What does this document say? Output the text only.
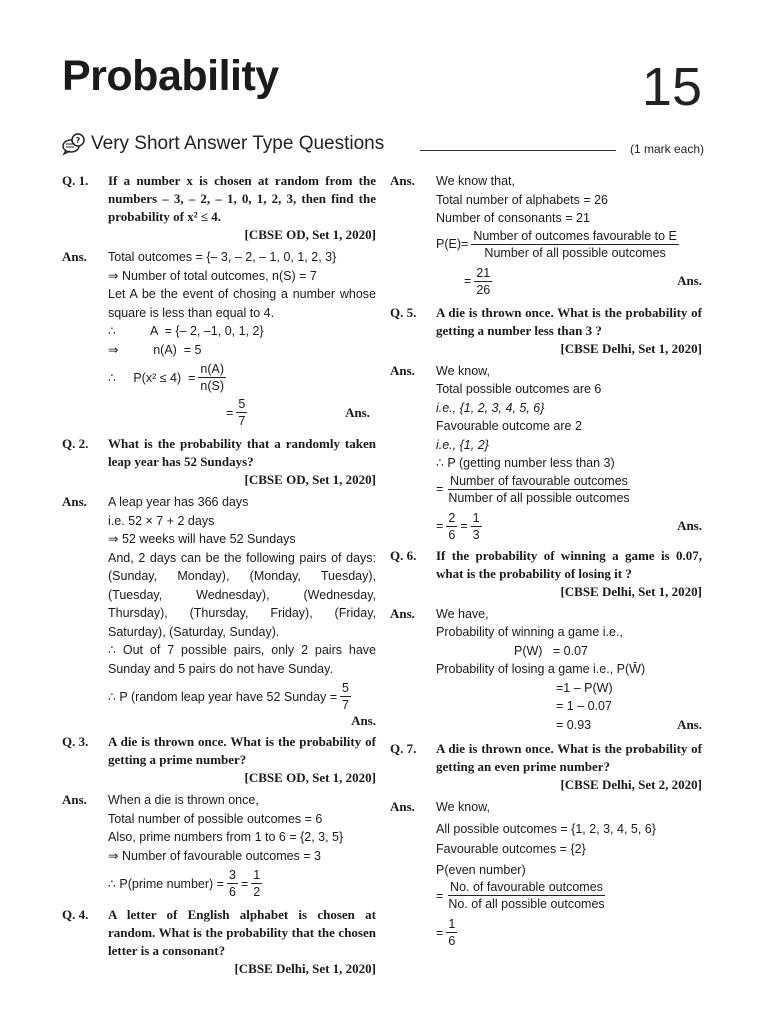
Probability	15
? Very Short Answer Type Questions	(1 mark each)
Q. 1.	If a number x is chosen at random from the numbers – 3, – 2, – 1, 0, 1, 2, 3, then find the probability of x² ≤ 4.
[CBSE OD, Set 1, 2020]
Ans.	Total outcomes = {– 3, – 2, – 1, 0, 1, 2, 3}
⇒ Number of total outcomes, n(S) = 7
Let A be the event of chosing a number whose square is less than equal to 4.
∴          A  = {– 2, –1, 0, 1, 2}
⇒          n(A)  = 5
∴     $P(x^2 \le 4) = \frac{n(A)}{n(S)}$
= $\frac{5}{7}$	Ans.
Q. 2.	What is the probability that a randomly taken leap year has 52 Sundays?
[CBSE OD, Set 1, 2020]
Ans.	A leap year has 366 days
i.e. 52 × 7 + 2 days
⇒ 52 weeks will have 52 Sundays
And, 2 days can be the following pairs of days: (Sunday, Monday), (Monday, Tuesday), (Tuesday, Wednesday), (Wednesday, Thursday), (Thursday, Friday), (Friday, Saturday), (Saturday, Sunday).
∴ Out of 7 possible pairs, only 2 pairs have Sunday and 5 pairs do not have Sunday.
∴ P (random leap year have 52 Sunday = $\frac{5}{7}$
Ans.
Q. 3.	A die is thrown once. What is the probability of getting a prime number?
[CBSE OD, Set 1, 2020]
Ans.	When a die is thrown once,
Total number of possible outcomes = 6
Also, prime numbers from 1 to 6 = {2, 3, 5}
⇒ Number of favourable outcomes = 3
∴ P(prime number) = $\frac{3}{6} = \frac{1}{2}$
Q. 4.	A letter of English alphabet is chosen at random. What is the probability that the chosen letter is a consonant?
[CBSE Delhi, Set 1, 2020]
Ans.	We know that,
Total number of alphabets = 26
Number of consonants = 21
$P(E)= \frac{\text{Number of outcomes favourable to E}}{\text{Number of all possible outcomes}}$
= $\frac{21}{26}$	Ans.
Q. 5.	A die is thrown once. What is the probability of getting a number less than 3 ?
[CBSE Delhi, Set 1, 2020]
Ans.	We know,
Total possible outcomes are 6
i.e., {1, 2, 3, 4, 5, 6}
Favourable outcome are 2
i.e., {1, 2}
∴ P (getting number less than 3)
= $\frac{\text{Number of favourable outcomes}}{\text{Number of all possible outcomes}}$
= $\frac{2}{6} = \frac{1}{3}$	Ans.
Q. 6.	If the probability of winning a game is 0.07, what is the probability of losing it ?
[CBSE Delhi, Set 1, 2020]
Ans.	We have,
Probability of winning a game i.e.,
P(W)   = 0.07
Probability of losing a game i.e., P(W̄)
=1 – P(W)
= 1 – 0.07
= 0.93	Ans.
Q. 7.	A die is thrown once. What is the probability of getting an even prime number?
[CBSE Delhi, Set 2, 2020]
Ans.	We know,
All possible outcomes = {1, 2, 3, 4, 5, 6}
Favourable outcomes = {2}
P(even number)
= $\frac{\text{No. of favourable outcomes}}{\text{No. of all possible outcomes}}$
= $\frac{1}{6}$
